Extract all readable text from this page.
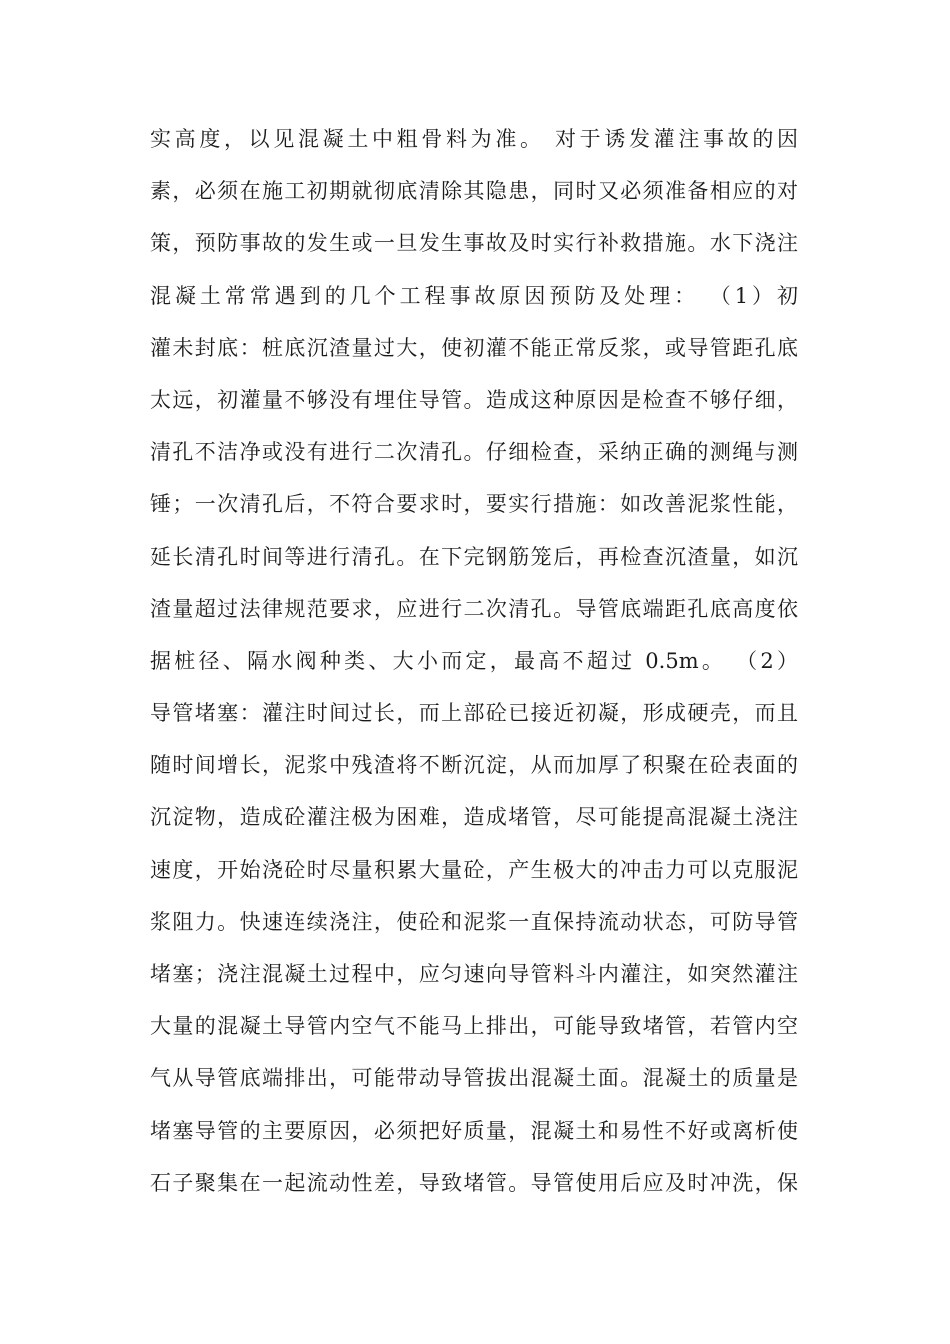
实高度，以见混凝土中粗骨料为准。 对于诱发灌注事故的因
素，必须在施工初期就彻底清除其隐患，同时又必须准备相应的对
策，预防事故的发生或一旦发生事故及时实行补救措施。水下浇注
混凝土常常遇到的几个工程事故原因预防及处理： （1）初
灌未封底：桩底沉渣量过大，使初灌不能正常反浆，或导管距孔底
太远，初灌量不够没有埋住导管。造成这种原因是检查不够仔细，
清孔不洁净或没有进行二次清孔。仔细检查，采纳正确的测绳与测
锤；一次清孔后，不符合要求时，要实行措施：如改善泥浆性能，
延长清孔时间等进行清孔。在下完钢筋笼后，再检查沉渣量，如沉
渣量超过法律规范要求，应进行二次清孔。导管底端距孔底高度依
据桩径、隔水阀种类、大小而定，最高不超过 0.5m。 （2）
导管堵塞：灌注时间过长，而上部砼已接近初凝，形成硬壳，而且
随时间增长，泥浆中残渣将不断沉淀，从而加厚了积聚在砼表面的
沉淀物，造成砼灌注极为困难，造成堵管，尽可能提高混凝土浇注
速度，开始浇砼时尽量积累大量砼，产生极大的冲击力可以克服泥
浆阻力。快速连续浇注，使砼和泥浆一直保持流动状态，可防导管
堵塞；浇注混凝土过程中，应匀速向导管料斗内灌注，如突然灌注
大量的混凝土导管内空气不能马上排出，可能导致堵管，若管内空
气从导管底端排出，可能带动导管拔出混凝土面。混凝土的质量是
堵塞导管的主要原因，必须把好质量，混凝土和易性不好或离析使
石子聚集在一起流动性差，导致堵管。导管使用后应及时冲洗，保
